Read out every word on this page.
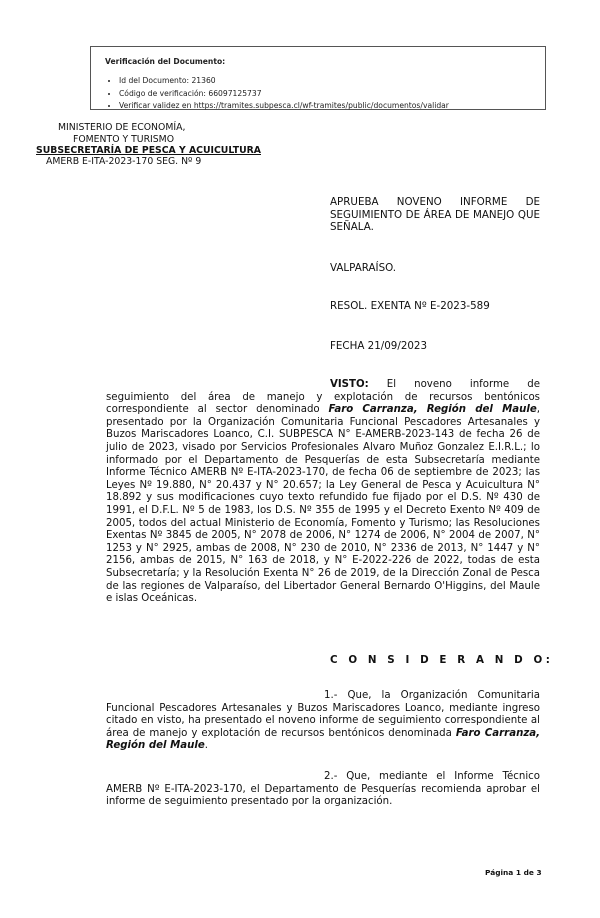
Verificación del Documento:
• Id del Documento: 21360
• Código de verificación: 66097125737
• Verificar validez en https://tramites.subpesca.cl/wf-tramites/public/documentos/validar
MINISTERIO DE ECONOMÍA,
FOMENTO Y TURISMO
SUBSECRETARÍA DE PESCA Y ACUICULTURA
AMERB E-ITA-2023-170 SEG. Nº 9
APRUEBA NOVENO INFORME DE SEGUIMIENTO DE ÁREA DE MANEJO QUE SEÑALA.
VALPARAÍSO.
RESOL. EXENTA Nº E-2023-589
FECHA 21/09/2023
VISTO: El noveno informe de seguimiento del área de manejo y explotación de recursos bentónicos correspondiente al sector denominado Faro Carranza, Región del Maule, presentado por la Organización Comunitaria Funcional Pescadores Artesanales y Buzos Mariscadores Loanco, C.I. SUBPESCA N° E-AMERB-2023-143 de fecha 26 de julio de 2023, visado por Servicios Profesionales Alvaro Muñoz Gonzalez E.I.R.L.; lo informado por el Departamento de Pesquerías de esta Subsecretaría mediante Informe Técnico AMERB Nº E-ITA-2023-170, de fecha 06 de septiembre de 2023; las Leyes Nº 19.880, N° 20.437 y N° 20.657; la Ley General de Pesca y Acuicultura N° 18.892 y sus modificaciones cuyo texto refundido fue fijado por el D.S. Nº 430 de 1991, el D.F.L. Nº 5 de 1983, los D.S. Nº 355 de 1995 y el Decreto Exento Nº 409 de 2005, todos del actual Ministerio de Economía, Fomento y Turismo; las Resoluciones Exentas Nº 3845 de 2005, N° 2078 de 2006, N° 1274 de 2006, N° 2004 de 2007, N° 1253 y N° 2925, ambas de 2008, N° 230 de 2010, N° 2336 de 2013, N° 1447 y N° 2156, ambas de 2015, N° 163 de 2018, y N° E-2022-226 de 2022, todas de esta Subsecretaría; y la Resolución Exenta N° 26 de 2019, de la Dirección Zonal de Pesca de las regiones de Valparaíso, del Libertador General Bernardo O'Higgins, del Maule e islas Oceánicas.
C O N S I D E R A N D O:
1.- Que, la Organización Comunitaria Funcional Pescadores Artesanales y Buzos Mariscadores Loanco, mediante ingreso citado en visto, ha presentado el noveno informe de seguimiento correspondiente al área de manejo y explotación de recursos bentónicos denominada Faro Carranza, Región del Maule.
2.- Que, mediante el Informe Técnico AMERB Nº E-ITA-2023-170, el Departamento de Pesquerías recomienda aprobar el informe de seguimiento presentado por la organización.
Página 1 de 3
